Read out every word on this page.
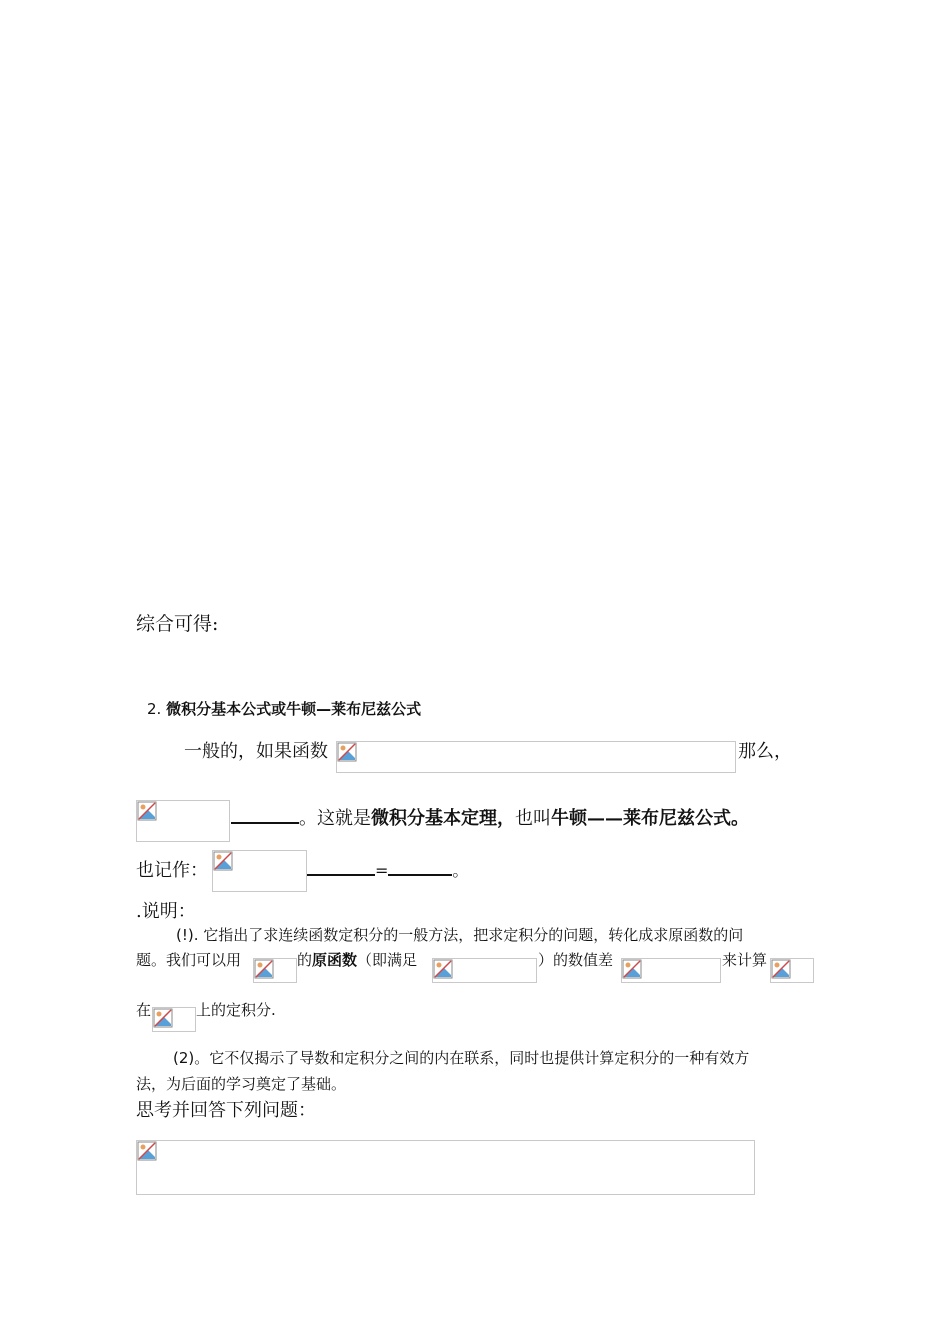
综合可得:
2. 微积分基本公式或牛顿—莱布尼兹公式
一般的，如果函数	那么，
。这就是微积分基本定理，也叫牛顿——莱布尼兹公式。
也记作：	=	。
.说明：
(!). 它指出了求连续函数定积分的一般方法，把求定积分的问题，转化成求原函数的问
题。我们可以用	的原函数（即满足	）的数值差	来计算
在	上的定积分.
(2)。它不仅揭示了导数和定积分之间的内在联系，同时也提供计算定积分的一种有效方
法，为后面的学习奠定了基础。
思考并回答下列问题：
